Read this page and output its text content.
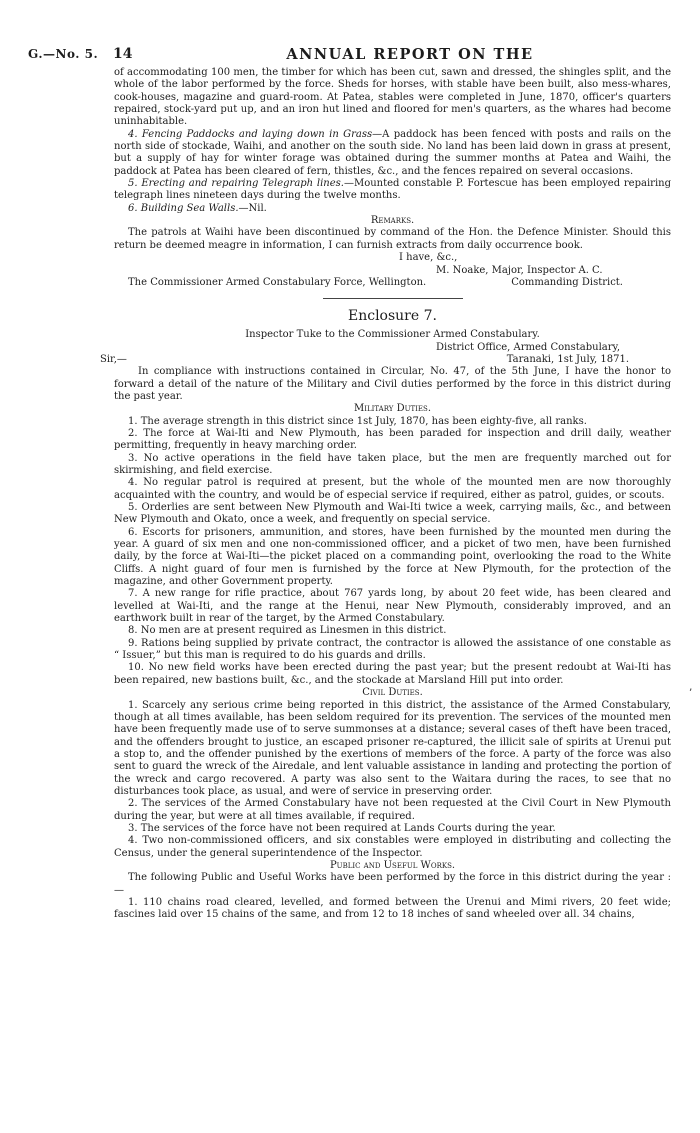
G.—No. 5. 14	ANNUAL REPORT ON THE

of accommodating 100 men, the timber for which has been cut, sawn and dressed, the shingles split, and the whole of the labor performed by the force. Sheds for horses, with stable have been built, also mess-whares, cook-houses, magazine and guard-room. At Patea, stables were completed in June, 1870, officer's quarters repaired, stock-yard put up, and an iron hut lined and floored for men's quarters, as the whares had become uninhabitable.

4. Fencing Paddocks and laying down in Grass—A paddock has been fenced with posts and rails on the north side of stockade, Waihi, and another on the south side. No land has been laid down in grass at present, but a supply of hay for winter forage was obtained during the summer months at Patea and Waihi, the paddock at Patea has been cleared of fern, thistles, &c., and the fences repaired on several occasions.

5. Erecting and repairing Telegraph lines.—Mounted constable P. Fortescue has been employed repairing telegraph lines nineteen days during the twelve months.

6. Building Sea Walls.—Nil.

Remarks.

The patrols at Waihi have been discontinued by command of the Hon. the Defence Minister. Should this return be deemed meagre in information, I can furnish extracts from daily occurrence book.

I have, &c.,

M. Noake, Major, Inspector A. C.

The Commissioner Armed Constabulary Force, Wellington.	Commanding District.

Enclosure 7.

Inspector Tuke to the Commissioner Armed Constabulary.

District Office, Armed Constabulary,

Sir,—	Taranaki, 1st July, 1871.

In compliance with instructions contained in Circular, No. 47, of the 5th June, I have the honor to forward a detail of the nature of the Military and Civil duties performed by the force in this district during the past year.

Military Duties.

1. The average strength in this district since 1st July, 1870, has been eighty-five, all ranks.

2. The force at Wai-Iti and New Plymouth, has been paraded for inspection and drill daily, weather permitting, frequently in heavy marching order.

3. No active operations in the field have taken place, but the men are frequently marched out for skirmishing, and field exercise.

4. No regular patrol is required at present, but the whole of the mounted men are now thoroughly acquainted with the country, and would be of especial service if required, either as patrol, guides, or scouts.

5. Orderlies are sent between New Plymouth and Wai-Iti twice a week, carrying mails, &c., and between New Plymouth and Okato, once a week, and frequently on special service.

6. Escorts for prisoners, ammunition, and stores, have been furnished by the mounted men during the year. A guard of six men and one non-commissioned officer, and a picket of two men, have been furnished daily, by the force at Wai-Iti—the picket placed on a commanding point, overlooking the road to the White Cliffs. A night guard of four men is furnished by the force at New Plymouth, for the protection of the magazine, and other Government property.

7. A new range for rifle practice, about 767 yards long, by about 20 feet wide, has been cleared and levelled at Wai-Iti, and the range at the Henui, near New Plymouth, considerably improved, and an earthwork built in rear of the target, by the Armed Constabulary.

8. No men are at present required as Linesmen in this district.

9. Rations being supplied by private contract, the contractor is allowed the assistance of one constable as “ Issuer,” but this man is required to do his guards and drills.

10. No new field works have been erected during the past year; but the present redoubt at Wai-Iti has been repaired, new bastions built, &c., and the stockade at Marsland Hill put into order.

Civil Duties.

1. Scarcely any serious crime being reported in this district, the assistance of the Armed Constabulary, though at all times available, has been seldom required for its prevention. The services of the mounted men have been frequently made use of to serve summonses at a distance; several cases of theft have been traced, and the offenders brought to justice, an escaped prisoner re-captured, the illicit sale of spirits at Urenui put a stop to, and the offender punished by the exertions of members of the force. A party of the force was also sent to guard the wreck of the Airedale, and lent valuable assistance in landing and protecting the portion of the wreck and cargo recovered. A party was also sent to the Waitara during the races, to see that no disturbances took place, as usual, and were of service in preserving order.

2. The services of the Armed Constabulary have not been requested at the Civil Court in New Plymouth during the year, but were at all times available, if required.

3. The services of the force have not been required at Lands Courts during the year.

4. Two non-commissioned officers, and six constables were employed in distributing and collecting the Census, under the general superintendence of the Inspector.

Public and Useful Works.

The following Public and Useful Works have been performed by the force in this district during the year :—

1. 110 chains road cleared, levelled, and formed between the Urenui and Mimi rivers, 20 feet wide; fascines laid over 15 chains of the same, and from 12 to 18 inches of sand wheeled over all. 34 chains,

’
